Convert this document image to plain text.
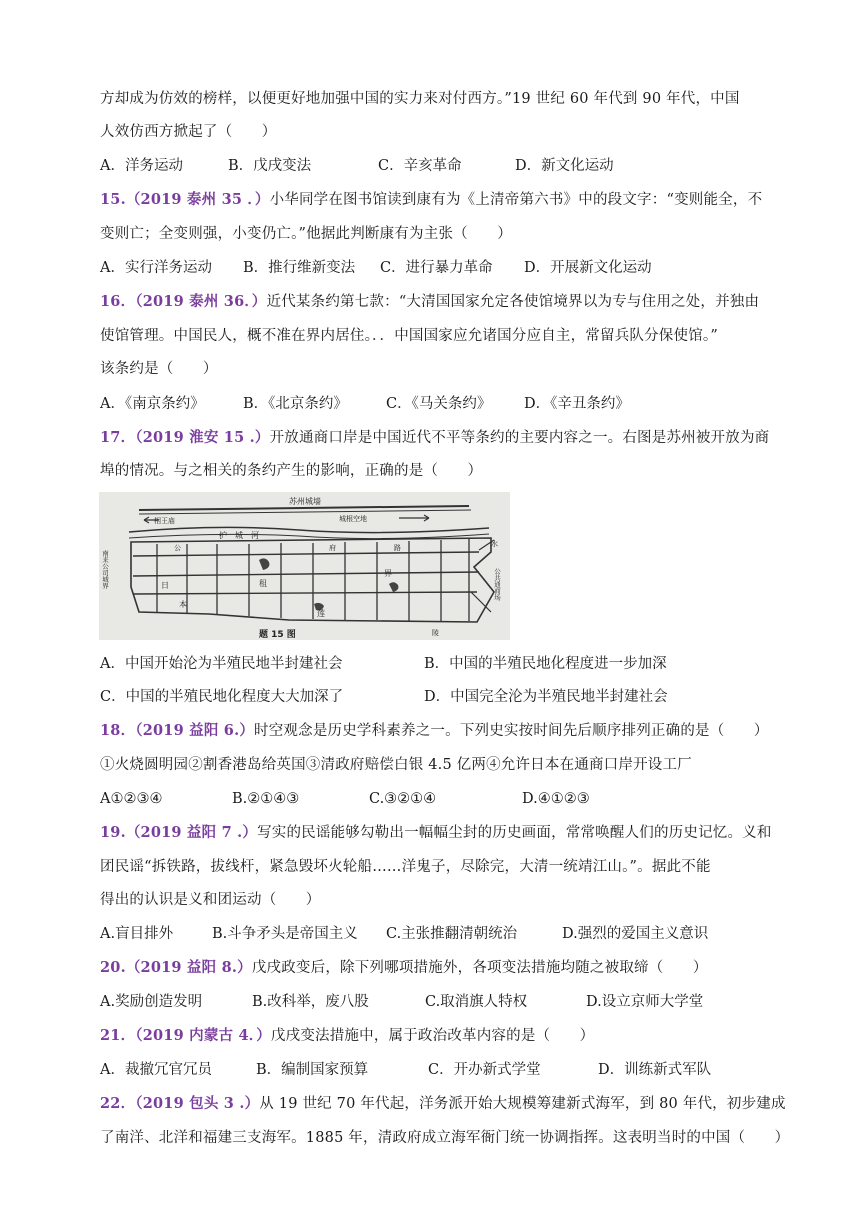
方却成为仿效的榜样，以便更好地加强中国的实力来对付西方。”19 世纪 60 年代到 90 年代，中国
人效仿西方掀起了（　　）
A．洋务运动	B．戊戌变法	C．辛亥革命	D．新文化运动
15.（2019 泰州 35 ．）小华同学在图书馆读到康有为《上清帝第六书》中的段文字：“变则能全，不
变则亡；全变则强，小变仍亡。”他据此判断康有为主张（　　）
A．实行洋务运动 B．推行维新变法 C．进行暴力革命 D．开展新文化运动
16．（2019 泰州 36．）近代某条约第七款：“大清国国家允定各使馆境界以为专与住用之处，并独由
使馆管理。中国民人，概不准在界内居住。．．中国国家应允诸国分应自主，常留兵队分保使馆。”
该条约是（　　）
A．《南京条约》	B．《北京条约》	C．《马关条约》 D．《辛丑条约》
17．（2019 淮安 15 .）开放通商口岸是中国近代不平等条约的主要内容之一。右图是苏州被开放为商
埠的情况。与之相关的条约产生的影响，正确的是（　　）
苏州城墙
相王庙	城根空地
护　城　河
日
本
租
界
莲
公	府	路
陵
水
南来公司城界	公共通商场
题 15 图
A．中国开始沦为半殖民地半封建社会	B．中国的半殖民地化程度进一步加深
C．中国的半殖民地化程度大大加深了	D．中国完全沦为半殖民地半封建社会
18．（2019 益阳 6.）时空观念是历史学科素养之一。下列史实按时间先后顺序排列正确的是（　　）
①火烧圆明园②割香港岛给英国③清政府赔偿白银 4.5 亿两④允许日本在通商口岸开设工厂
A①②③④	B.②①④③	C.③②①④	D.④①②③
19.（2019 益阳 7 .）写实的民谣能够勾勒出一幅幅尘封的历史画面，常常唤醒人们的历史记忆。义和
团民谣“拆铁路，拔线杆，紧急毁坏火轮船……洋鬼子，尽除完，大清一统靖江山。”。据此不能
得出的认识是义和团运动（　　）
A.盲目排外	B.斗争矛头是帝国主义 C.主张推翻清朝统治	D.强烈的爱国主义意识
20.（2019 益阳 8.）戊戌政变后，除下列哪项措施外，各项变法措施均随之被取缔（　　）
A.奖励创造发明	B.改科举，废八股	C.取消旗人特权	D.设立京师大学堂
21．（2019 内蒙古 4．）戊戌变法措施中，属于政治改革内容的是（　　）
A．裁撤冗官冗员	B．编制国家预算	C．开办新式学堂	D．训练新式军队
22．（2019 包头 3 .）从 19 世纪 70 年代起，洋务派开始大规模筹建新式海军，到 80 年代，初步建成
了南洋、北洋和福建三支海军。1885 年，清政府成立海军衙门统一协调指挥。这表明当时的中国（　　）
